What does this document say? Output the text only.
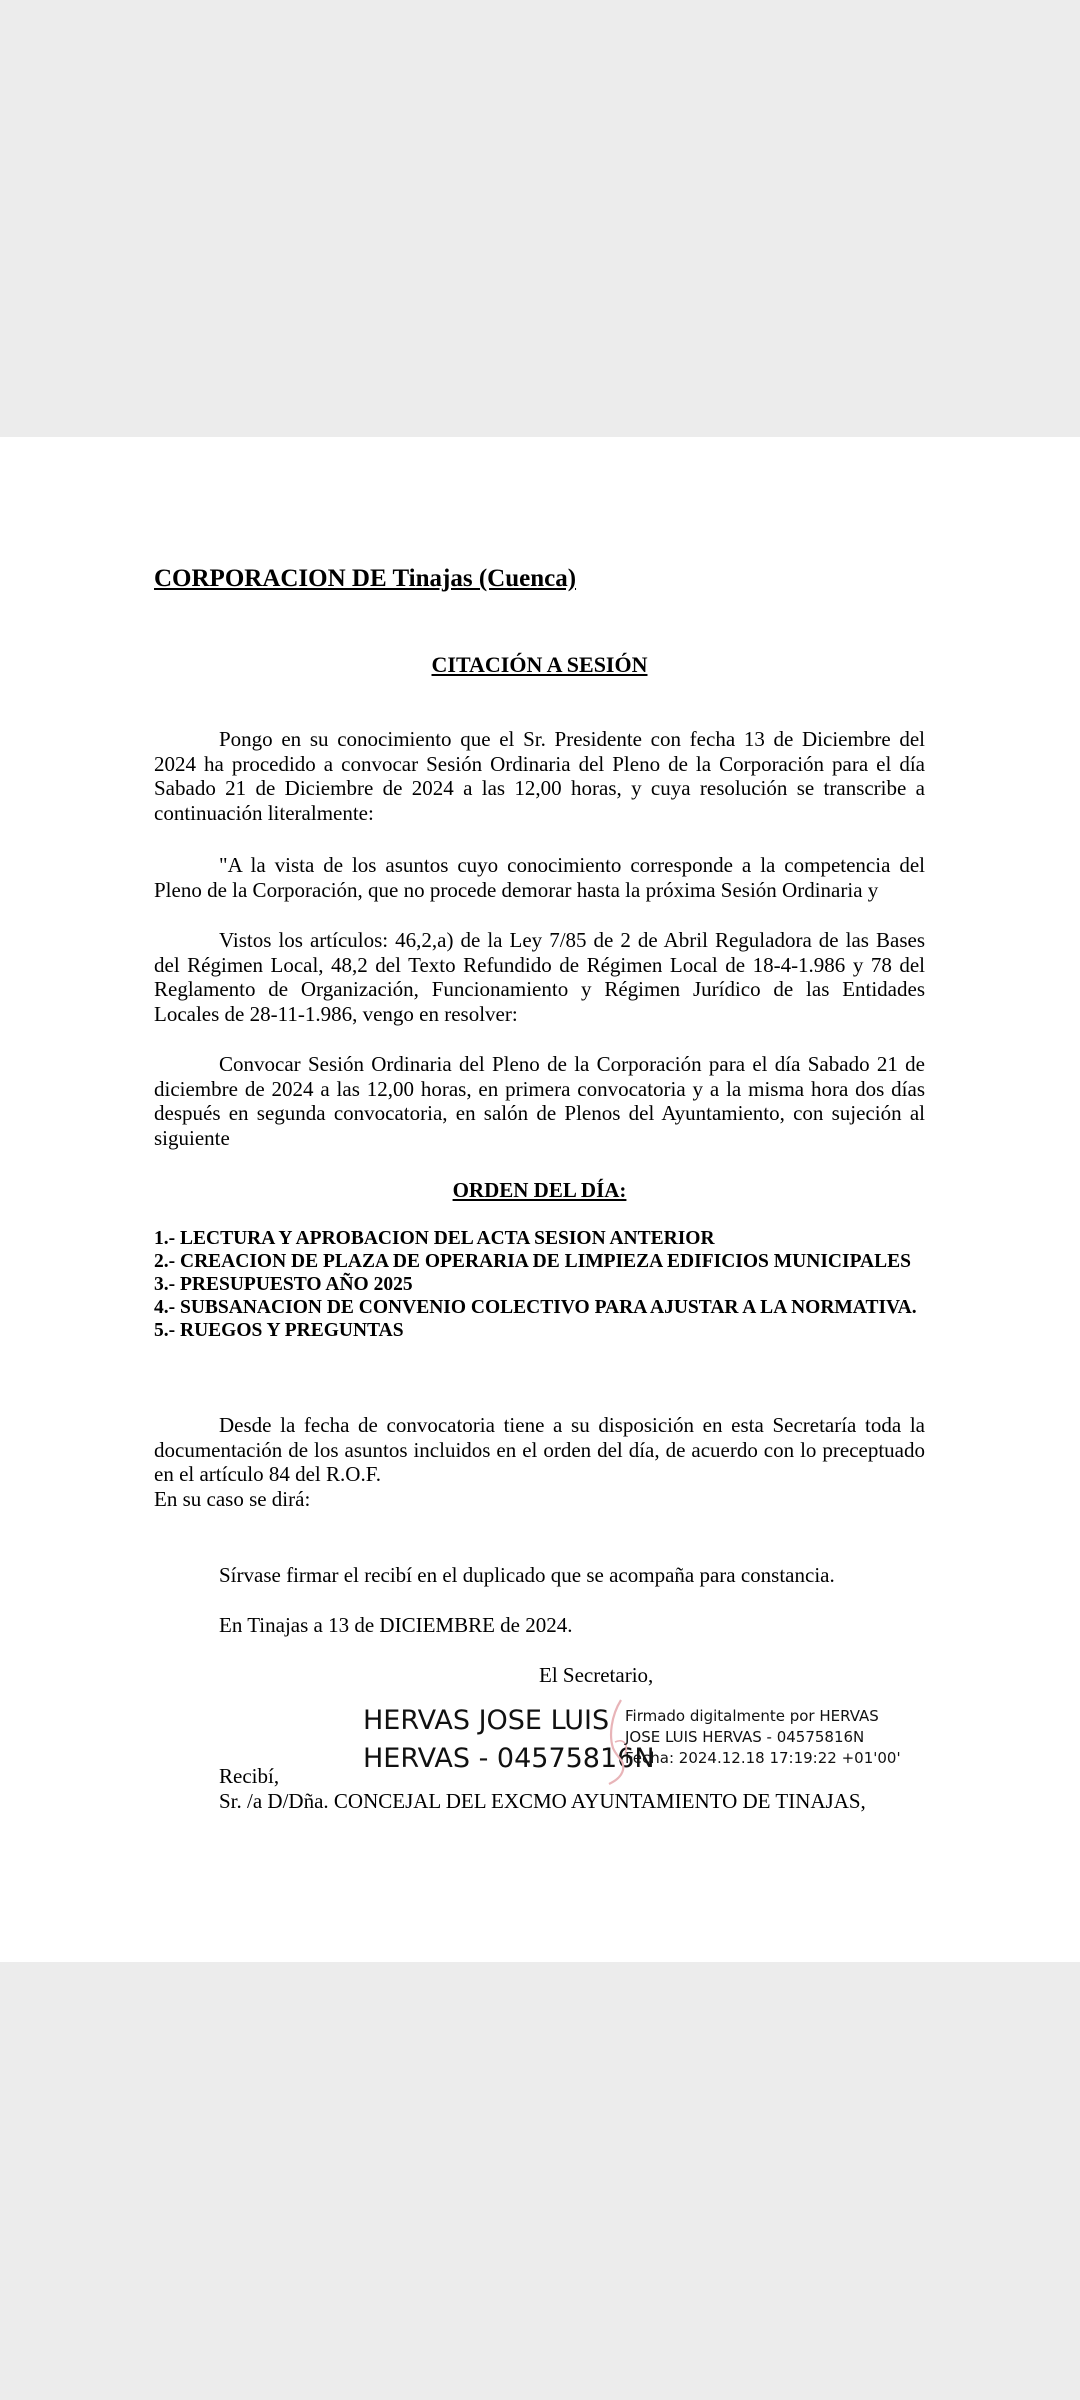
CORPORACION DE Tinajas (Cuenca)
CITACIÓN A SESIÓN
Pongo en su conocimiento que el Sr. Presidente con fecha 13 de Diciembre del 2024 ha procedido a convocar Sesión Ordinaria del Pleno de la Corporación para el día Sabado 21 de Diciembre de 2024 a las 12,00 horas, y cuya resolución se transcribe a continuación literalmente:
"A la vista de los asuntos cuyo conocimiento corresponde a la competencia del Pleno de la Corporación, que no procede demorar hasta la próxima Sesión Ordinaria y
Vistos los artículos: 46,2,a) de la Ley 7/85 de 2 de Abril Reguladora de las Bases del Régimen Local, 48,2 del Texto Refundido de Régimen Local de 18-4-1.986 y 78 del Reglamento de Organización, Funcionamiento y Régimen Jurídico de las Entidades Locales de 28-11-1.986, vengo en resolver:
Convocar Sesión Ordinaria del Pleno de la Corporación para el día Sabado 21 de diciembre de 2024 a las 12,00 horas, en primera convocatoria y a la misma hora dos días después en segunda convocatoria, en salón de Plenos del Ayuntamiento, con sujeción al siguiente
ORDEN DEL DÍA:
1.- LECTURA Y APROBACION DEL ACTA SESION ANTERIOR
2.- CREACION DE PLAZA DE OPERARIA DE LIMPIEZA EDIFICIOS MUNICIPALES
3.- PRESUPUESTO AÑO 2025
4.- SUBSANACION DE CONVENIO COLECTIVO PARA AJUSTAR A LA NORMATIVA.
5.- RUEGOS Y PREGUNTAS
Desde la fecha de convocatoria tiene a su disposición en esta Secretaría toda la documentación de los asuntos incluidos en el orden del día, de acuerdo con lo preceptuado en el artículo 84 del R.O.F.
En su caso se dirá:
Sírvase firmar el recibí en el duplicado que se acompaña para constancia.
En Tinajas a 13 de DICIEMBRE de 2024.
El Secretario,
HERVAS JOSE LUIS
HERVAS - 04575816N
Firmado digitalmente por HERVAS
JOSE LUIS HERVAS - 04575816N
Fecha: 2024.12.18 17:19:22 +01'00'
Recibí,
Sr. /a D/Dña. CONCEJAL DEL EXCMO AYUNTAMIENTO DE TINAJAS,
